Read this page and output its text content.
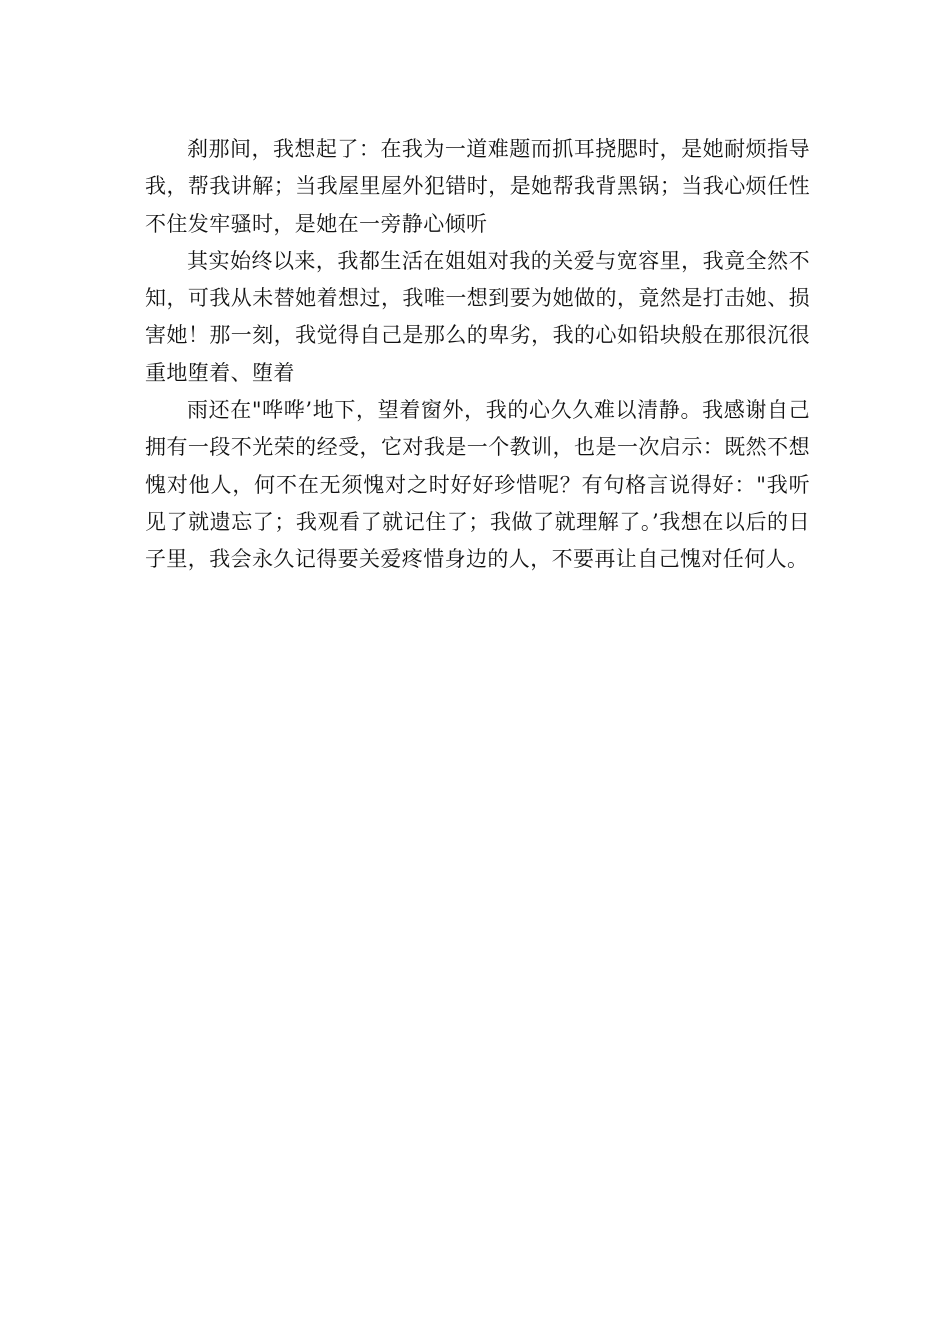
刹那间，我想起了：在我为一道难题而抓耳挠腮时，是她耐烦指导我，帮我讲解；当我屋里屋外犯错时，是她帮我背黑锅；当我心烦任性不住发牢骚时，是她在一旁静心倾听

其实始终以来，我都生活在姐姐对我的关爱与宽容里，我竟全然不知，可我从未替她着想过，我唯一想到要为她做的，竟然是打击她、损害她！那一刻，我觉得自己是那么的卑劣，我的心如铅块般在那很沉很重地堕着、堕着

雨还在"哗哗’地下，望着窗外，我的心久久难以清静。我感谢自己拥有一段不光荣的经受，它对我是一个教训，也是一次启示：既然不想愧对他人，何不在无须愧对之时好好珍惜呢？有句格言说得好："我听见了就遗忘了；我观看了就记住了；我做了就理解了。’我想在以后的日子里，我会永久记得要关爱疼惜身边的人，不要再让自己愧对任何人。
